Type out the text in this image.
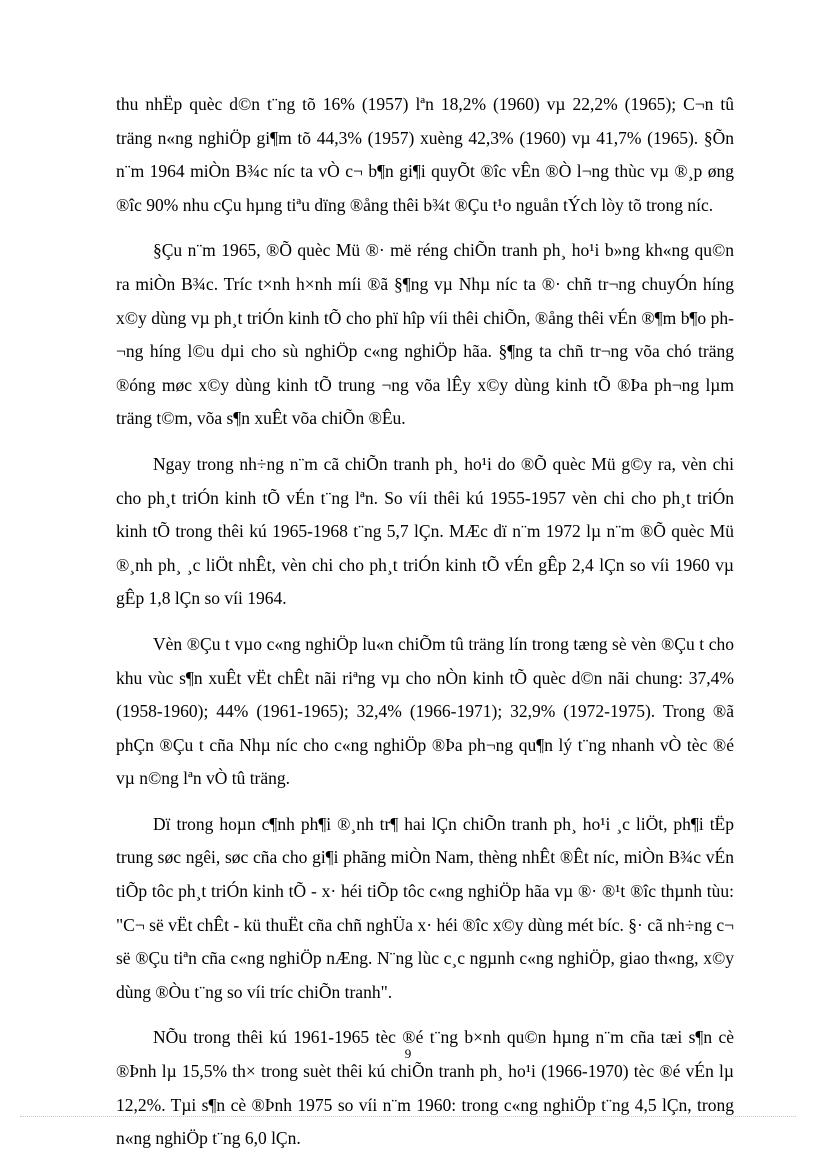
thu nhËp quèc d©n t¨ng tõ 16% (1957) lªn 18,2% (1960) vµ 22,2% (1965); C¬n tû träng n«ng nghiÖp gi¶m tõ 44,3% (1957) xuèng 42,3% (1960) vµ 41,7% (1965). §Õn n¨m 1964 miÒn B¾c níc ta vÒ c¬ b¶n gi¶i quyÕt ®îc vÊn ®Ò l¬ng thùc vµ ®¸p øng ®îc 90% nhu cÇu hµng tiªu dïng ®ång thêi b¾t ®Çu t¹o nguån tÝch lòy tõ trong níc.

§Çu n¨m 1965, ®Õ quèc Mü ®· më réng chiÕn tranh ph¸ ho¹i b»ng kh«ng qu©n ra miÒn B¾c. Tríc t×nh h×nh míi ®ã §¶ng vµ Nhµ níc ta ®· chñ tr¬ng chuyÓn híng x©y dùng vµ ph¸t triÓn kinh tÕ cho phï hîp víi thêi chiÕn, ®ång thêi vÉn ®¶m b¶o ph¬ng híng l©u dµi cho sù nghiÖp c«ng nghiÖp hãa. §¶ng ta chñ tr¬ng võa chó träng ®óng møc x©y dùng kinh tÕ trung ¬ng võa lÊy x©y dùng kinh tÕ ®Þa ph¬ng lµm träng t©m, võa s¶n xuÊt võa chiÕn ®Êu.

Ngay trong nh÷ng n¨m cã chiÕn tranh ph¸ ho¹i do ®Õ quèc Mü g©y ra, vèn chi cho ph¸t triÓn kinh tÕ vÉn t¨ng lªn. So víi thêi kú 1955-1957 vèn chi cho ph¸t triÓn kinh tÕ trong thêi kú 1965-1968 t¨ng 5,7 lÇn. MÆc dï n¨m 1972 lµ n¨m ®Õ quèc Mü ®¸nh ph¸ ¸c liÖt nhÊt, vèn chi cho ph¸t triÓn kinh tÕ vÉn gÊp 2,4 lÇn so víi 1960 vµ gÊp 1,8 lÇn so víi 1964.

Vèn ®Çu t vµo c«ng nghiÖp lu«n chiÕm tû träng lín trong tæng sè vèn ®Çu t cho khu vùc s¶n xuÊt vËt chÊt nãi riªng vµ cho nÒn kinh tÕ quèc d©n nãi chung: 37,4% (1958-1960); 44% (1961-1965); 32,4% (1966-1971); 32,9% (1972-1975). Trong ®ã phÇn ®Çu t cña Nhµ níc cho c«ng nghiÖp ®Þa ph¬ng qu¶n lý t¨ng nhanh vÒ tèc ®é vµ n©ng lªn vÒ tû träng.

Dï trong hoµn c¶nh ph¶i ®¸nh tr¶ hai lÇn chiÕn tranh ph¸ ho¹i ¸c liÖt, ph¶i tËp trung søc ngêi, søc cña cho gi¶i phãng miÒn Nam, thèng nhÊt ®Êt níc, miÒn B¾c vÉn tiÕp tôc ph¸t triÓn kinh tÕ - x· héi tiÕp tôc c«ng nghiÖp hãa vµ ®· ®¹t ®îc thµnh tùu: "C¬ së vËt chÊt - kü thuËt cña chñ nghÜa x· héi ®îc x©y dùng mét bíc. §· cã nh÷ng c¬ së ®Çu tiªn cña c«ng nghiÖp nÆng. N¨ng lùc c¸c ngµnh c«ng nghiÖp, giao th«ng, x©y dùng ®Òu t¨ng so víi tríc chiÕn tranh".

NÕu trong thêi kú 1961-1965 tèc ®é t¨ng b×nh qu©n hµng n¨m cña tæi s¶n cè ®Þnh lµ 15,5% th× trong suèt thêi kú chiÕn tranh ph¸ ho¹i (1966-1970) tèc ®é vÉn lµ 12,2%. Tµi s¶n cè ®Þnh 1975 so víi n¨m 1960: trong c«ng nghiÖp t¨ng 4,5 lÇn, trong n«ng nghiÖp t¨ng 6,0 lÇn.

9
